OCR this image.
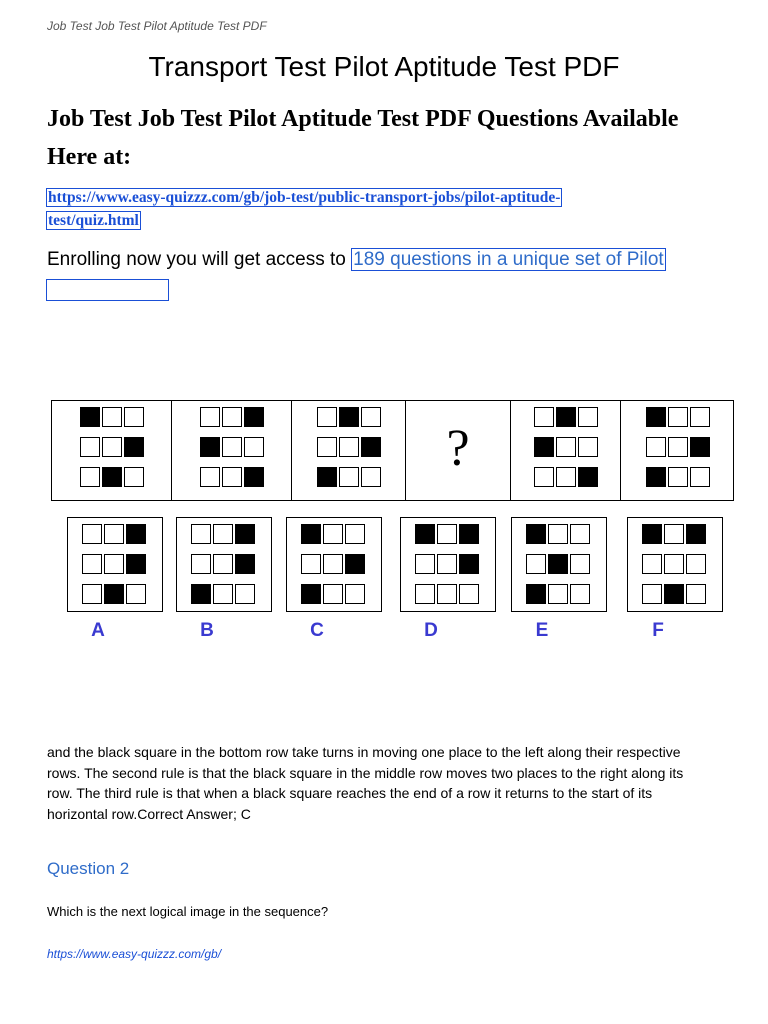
Job Test Job Test Pilot Aptitude Test PDF
Transport Test Pilot Aptitude Test PDF
Job Test Job Test Pilot Aptitude Test PDF Questions Available Here at:
https://www.easy-quizzz.com/gb/job-test/public-transport-jobs/pilot-aptitude-
test/quiz.html
Enrolling now you will get access to 189 questions in a unique set of Pilot
?
A	B	C	D	E	F
and the black square in the bottom row take turns in moving one place to the left along their respective
rows. The second rule is that the black square in the middle row moves two places to the right along its
row. The third rule is that when a black square reaches the end of a row it returns to the start of its
horizontal row.Correct Answer; C
Question 2
Which is the next logical image in the sequence?
https://www.easy-quizzz.com/gb/
